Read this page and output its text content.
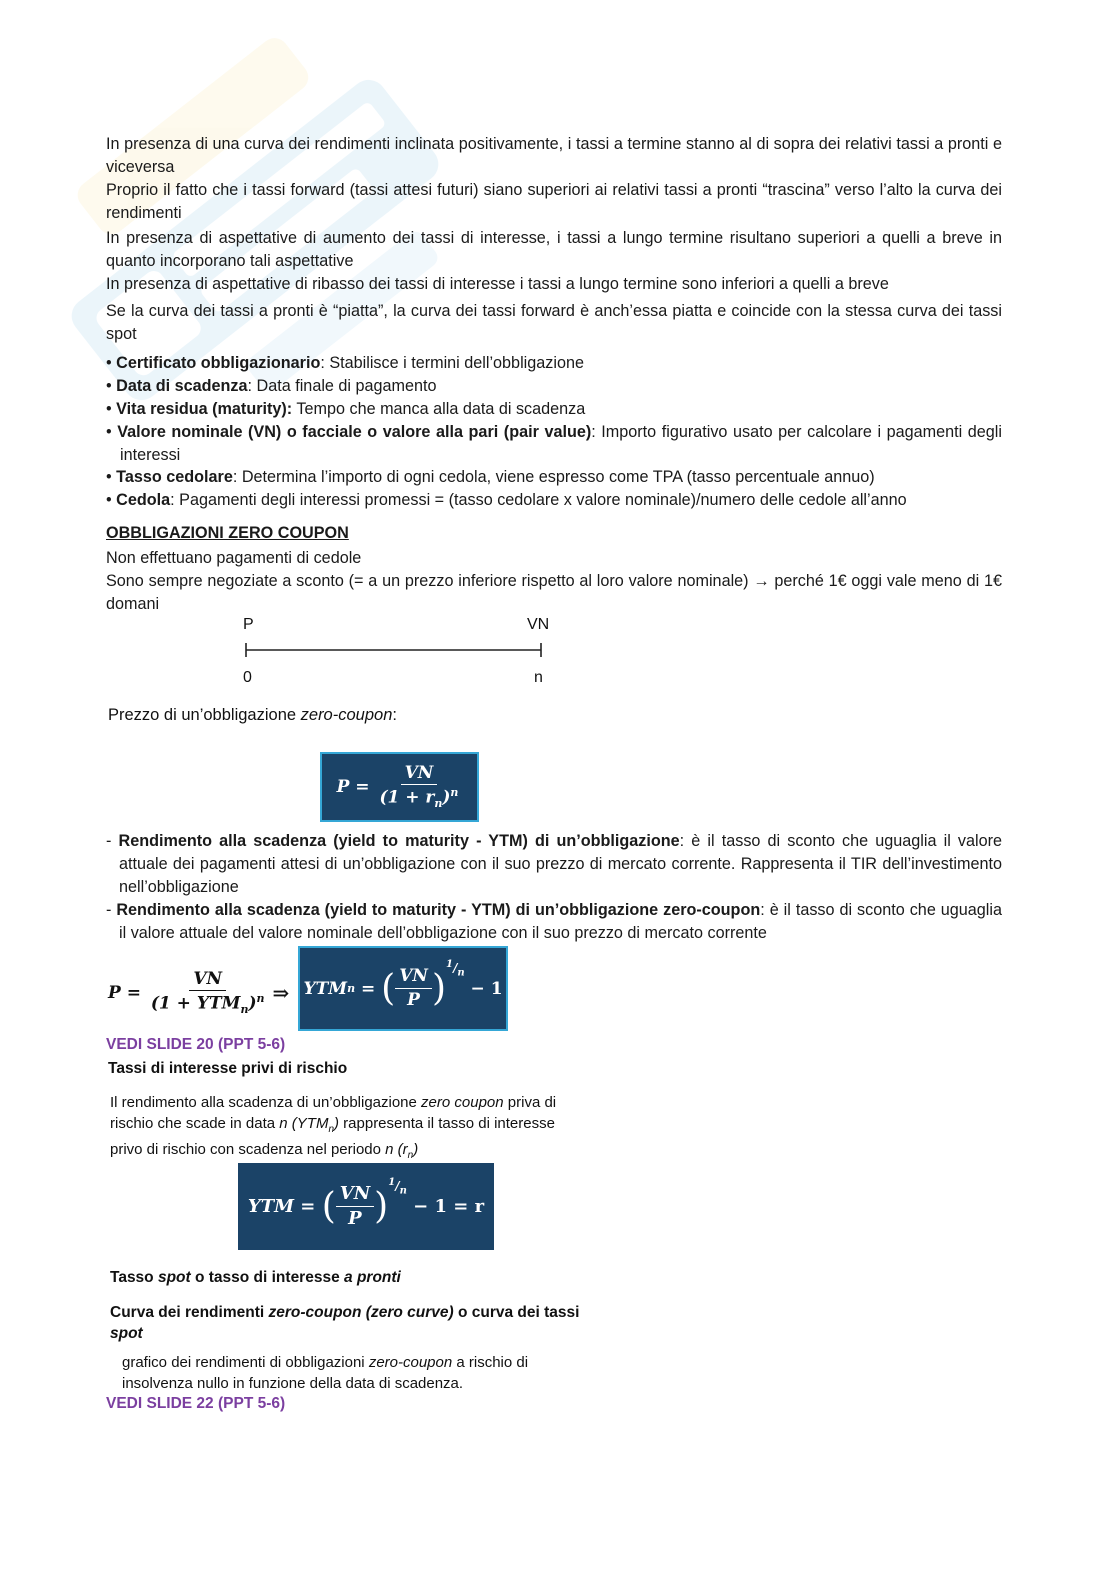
In presenza di una curva dei rendimenti inclinata positivamente, i tassi a termine stanno al di sopra dei relativi tassi a pronti e viceversa

Proprio il fatto che i tassi forward (tassi attesi futuri) siano superiori ai relativi tassi a pronti “trascina” verso l’alto la curva dei rendimenti

In presenza di aspettative di aumento dei tassi di interesse, i tassi a lungo termine risultano superiori a quelli a breve in quanto incorporano tali aspettative

In presenza di aspettative di ribasso dei tassi di interesse i tassi a lungo termine sono inferiori a quelli a breve

Se la curva dei tassi a pronti è “piatta”, la curva dei tassi forward è anch’essa piatta e coincide con la stessa curva dei tassi spot

• Certificato obbligazionario: Stabilisce i termini dell’obbligazione

• Data di scadenza: Data finale di pagamento

• Vita residua (maturity): Tempo che manca alla data di scadenza

• Valore nominale (VN) o facciale o valore alla pari (pair value): Importo figurativo usato per calcolare i pagamenti degli interessi

• Tasso cedolare: Determina l’importo di ogni cedola, viene espresso come TPA (tasso percentuale annuo)

• Cedola: Pagamenti degli interessi promessi = (tasso cedolare x valore nominale)/numero delle cedole all’anno

OBBLIGAZIONI ZERO COUPON

Non effettuano pagamenti di cedole

Sono sempre negoziate a sconto (= a un prezzo inferiore rispetto al loro valore nominale) → perché 1€ oggi vale meno di 1€ domani

P	VN
0	n
Prezzo di un’obbligazione zero-coupon:
P =
$\frac{VN}{(1 + r_n)^n}$

- Rendimento alla scadenza (yield to maturity - YTM) di un’obbligazione: è il tasso di sconto che uguaglia il valore attuale dei pagamenti attesi di un’obbligazione con il suo prezzo di mercato corrente. Rappresenta il TIR dell’investimento nell’obbligazione

- Rendimento alla scadenza (yield to maturity - YTM) di un’obbligazione zero-coupon: è il tasso di sconto che uguaglia il valore attuale del valore nominale dell’obbligazione con il suo prezzo di mercato corrente

P =
$\frac{VN}{(1 + YTM_n)^n}$ ⇒ YTM n
=
( $\frac{VN}{P}$ )
$^1/_n$

− 1
VEDI SLIDE 20 (PPT 5-6)
Tassi di interesse privi di rischio
Il rendimento alla scadenza di un’obbligazione zero coupon priva di
rischio che scade in data n $(YTM_n)$ rappresenta il tasso di interesse
privo di rischio con scadenza nel periodo n $(r_n)$
YTM =
( $\frac{VN}{P}$ )
$^1/_n$

− 1 = r
Tasso spot o tasso di interesse a pronti
Curva dei rendimenti zero-coupon (zero curve) o curva dei tassi
spot
grafico dei rendimenti di obbligazioni zero-coupon a rischio di
insolvenza nullo in funzione della data di scadenza.
VEDI SLIDE 22 (PPT 5-6)
